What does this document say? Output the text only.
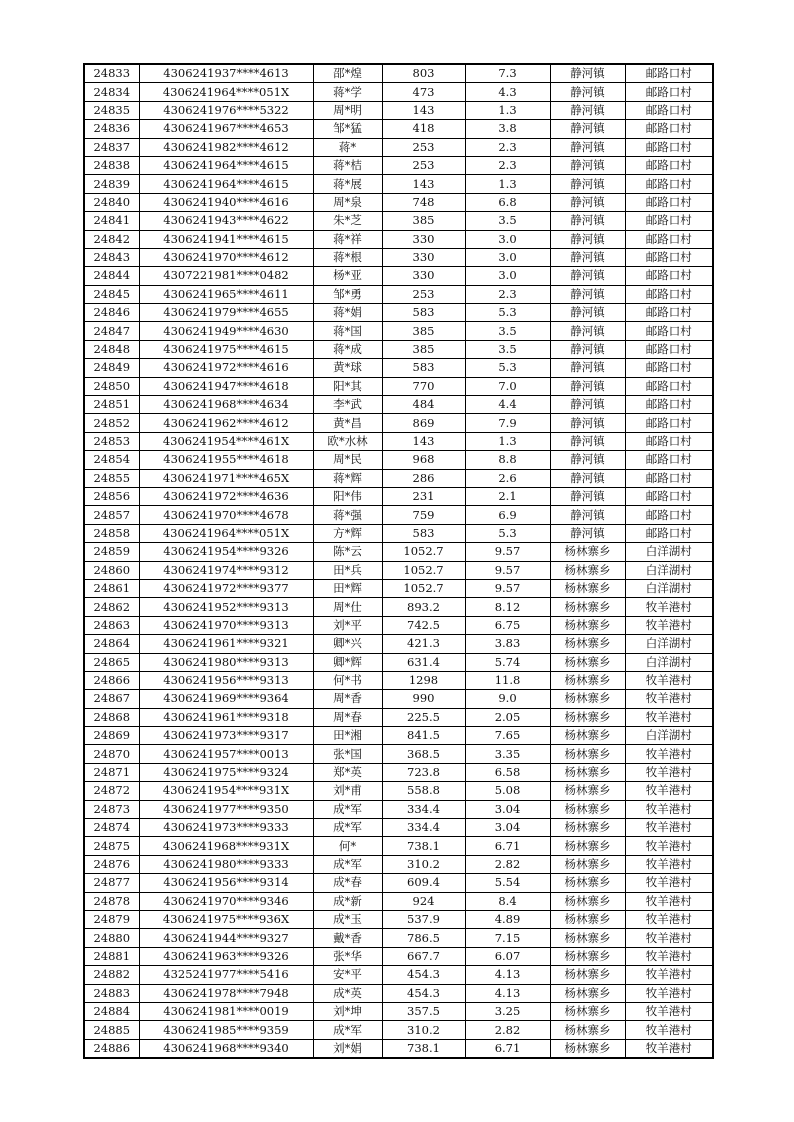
24833	4306241937****4613	邵*煌	803	7.3	静河镇	邮路口村
24834	4306241964****051X	蒋*学	473	4.3	静河镇	邮路口村
24835	4306241976****5322	周*明	143	1.3	静河镇	邮路口村
24836	4306241967****4653	邹*猛	418	3.8	静河镇	邮路口村
24837	4306241982****4612	蒋*	253	2.3	静河镇	邮路口村
24838	4306241964****4615	蒋*桔	253	2.3	静河镇	邮路口村
24839	4306241964****4615	蒋*展	143	1.3	静河镇	邮路口村
24840	4306241940****4616	周*泉	748	6.8	静河镇	邮路口村
24841	4306241943****4622	朱*芝	385	3.5	静河镇	邮路口村
24842	4306241941****4615	蒋*祥	330	3.0	静河镇	邮路口村
24843	4306241970****4612	蒋*根	330	3.0	静河镇	邮路口村
24844	4307221981****0482	杨*亚	330	3.0	静河镇	邮路口村
24845	4306241965****4611	邹*勇	253	2.3	静河镇	邮路口村
24846	4306241979****4655	蒋*娟	583	5.3	静河镇	邮路口村
24847	4306241949****4630	蒋*国	385	3.5	静河镇	邮路口村
24848	4306241975****4615	蒋*成	385	3.5	静河镇	邮路口村
24849	4306241972****4616	黄*球	583	5.3	静河镇	邮路口村
24850	4306241947****4618	阳*其	770	7.0	静河镇	邮路口村
24851	4306241968****4634	李*武	484	4.4	静河镇	邮路口村
24852	4306241962****4612	黄*昌	869	7.9	静河镇	邮路口村
24853	4306241954****461X	欧*水林	143	1.3	静河镇	邮路口村
24854	4306241955****4618	周*民	968	8.8	静河镇	邮路口村
24855	4306241971****465X	蒋*辉	286	2.6	静河镇	邮路口村
24856	4306241972****4636	阳*伟	231	2.1	静河镇	邮路口村
24857	4306241970****4678	蒋*强	759	6.9	静河镇	邮路口村
24858	4306241964****051X	方*辉	583	5.3	静河镇	邮路口村
24859	4306241954****9326	陈*云	1052.7	9.57	杨林寨乡	白洋湖村
24860	4306241974****9312	田*兵	1052.7	9.57	杨林寨乡	白洋湖村
24861	4306241972****9377	田*辉	1052.7	9.57	杨林寨乡	白洋湖村
24862	4306241952****9313	周*仕	893.2	8.12	杨林寨乡	牧羊港村
24863	4306241970****9313	刘*平	742.5	6.75	杨林寨乡	牧羊港村
24864	4306241961****9321	卿*兴	421.3	3.83	杨林寨乡	白洋湖村
24865	4306241980****9313	卿*辉	631.4	5.74	杨林寨乡	白洋湖村
24866	4306241956****9313	何*书	1298	11.8	杨林寨乡	牧羊港村
24867	4306241969****9364	周*香	990	9.0	杨林寨乡	牧羊港村
24868	4306241961****9318	周*春	225.5	2.05	杨林寨乡	牧羊港村
24869	4306241973****9317	田*湘	841.5	7.65	杨林寨乡	白洋湖村
24870	4306241957****0013	张*国	368.5	3.35	杨林寨乡	牧羊港村
24871	4306241975****9324	郑*英	723.8	6.58	杨林寨乡	牧羊港村
24872	4306241954****931X	刘*甫	558.8	5.08	杨林寨乡	牧羊港村
24873	4306241977****9350	成*军	334.4	3.04	杨林寨乡	牧羊港村
24874	4306241973****9333	成*军	334.4	3.04	杨林寨乡	牧羊港村
24875	4306241968****931X	何*	738.1	6.71	杨林寨乡	牧羊港村
24876	4306241980****9333	成*军	310.2	2.82	杨林寨乡	牧羊港村
24877	4306241956****9314	成*春	609.4	5.54	杨林寨乡	牧羊港村
24878	4306241970****9346	成*新	924	8.4	杨林寨乡	牧羊港村
24879	4306241975****936X	成*玉	537.9	4.89	杨林寨乡	牧羊港村
24880	4306241944****9327	戴*香	786.5	7.15	杨林寨乡	牧羊港村
24881	4306241963****9326	张*华	667.7	6.07	杨林寨乡	牧羊港村
24882	4325241977****5416	安*平	454.3	4.13	杨林寨乡	牧羊港村
24883	4306241978****7948	成*英	454.3	4.13	杨林寨乡	牧羊港村
24884	4306241981****0019	刘*坤	357.5	3.25	杨林寨乡	牧羊港村
24885	4306241985****9359	成*军	310.2	2.82	杨林寨乡	牧羊港村
24886	4306241968****9340	刘*娟	738.1	6.71	杨林寨乡	牧羊港村
